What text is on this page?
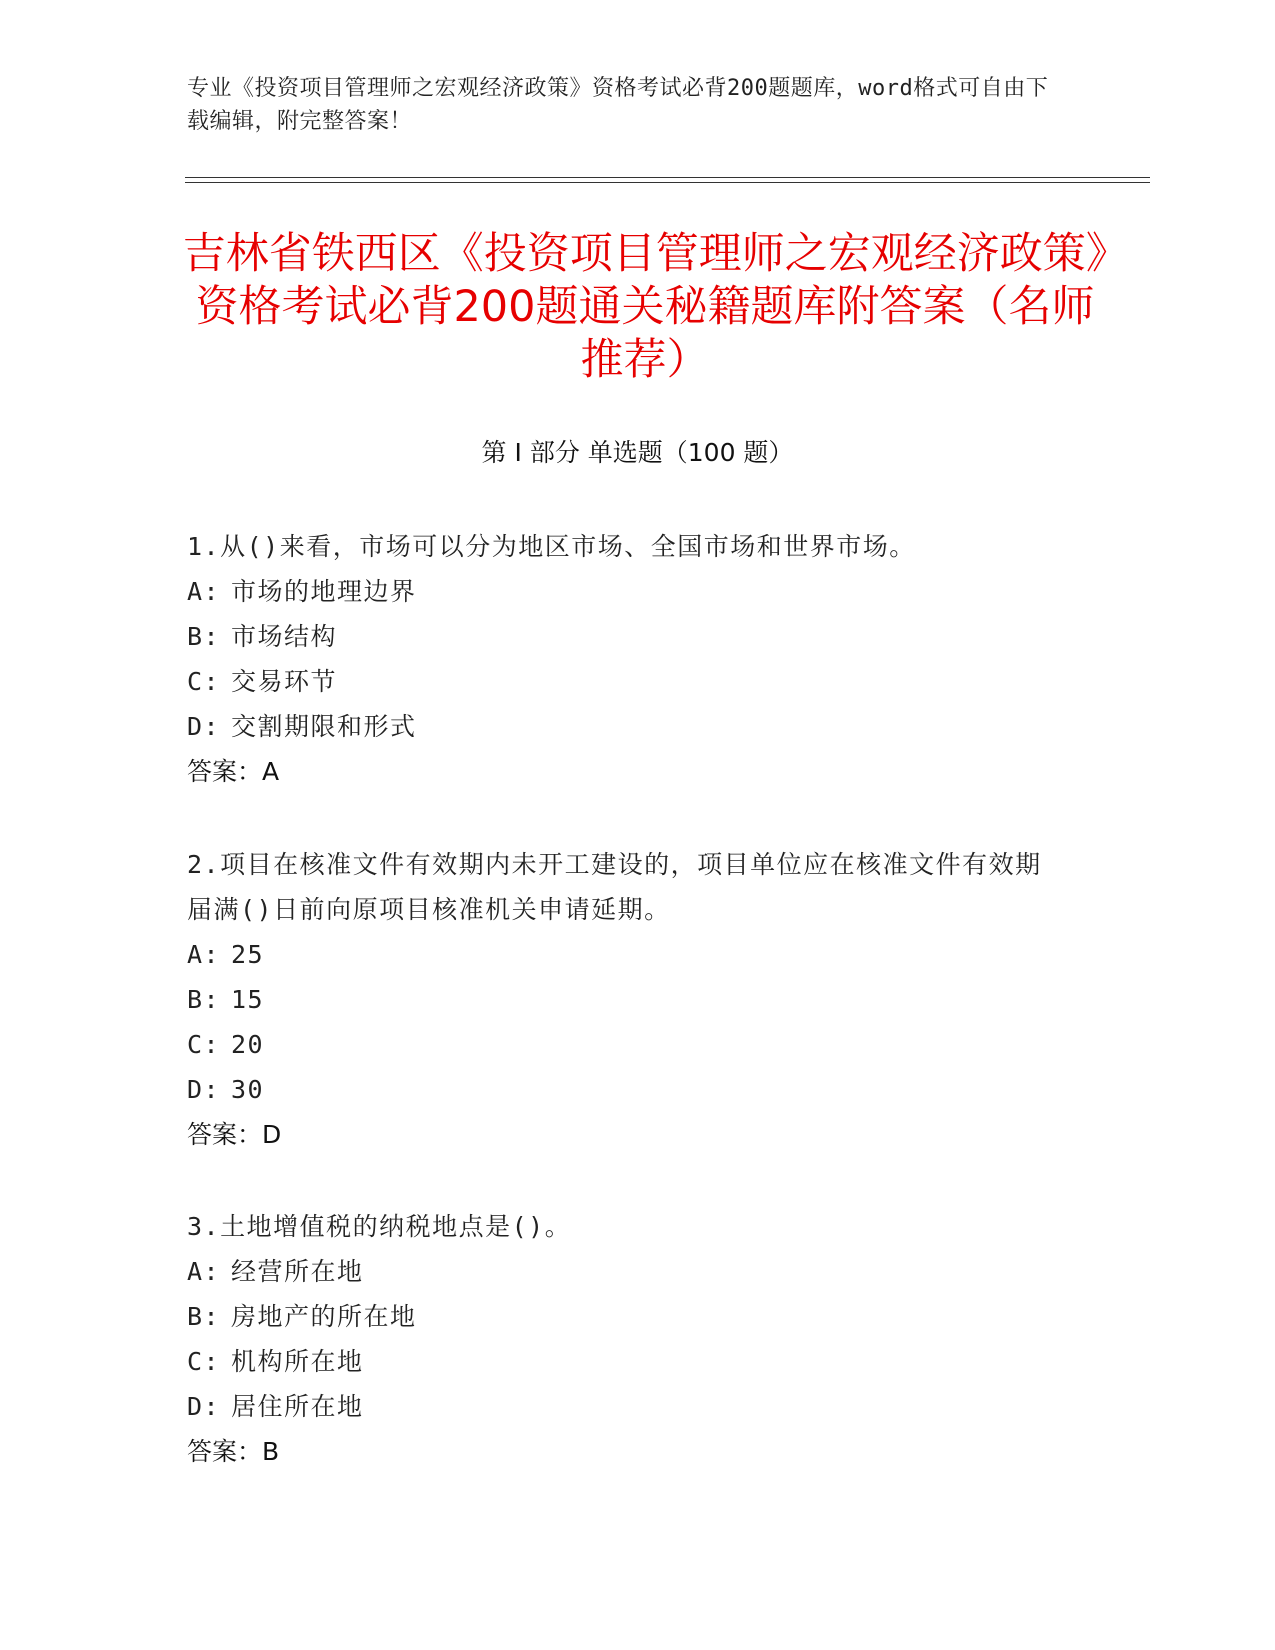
专业《投资项目管理师之宏观经济政策》资格考试必背200题题库，word格式可自由下载编辑，附完整答案！
吉林省铁西区《投资项目管理师之宏观经济政策》资格考试必背200题通关秘籍题库附答案（名师推荐）
第 I 部分 单选题（100 题）
1.从()来看，市场可以分为地区市场、全国市场和世界市场。
A: 市场的地理边界
B: 市场结构
C: 交易环节
D: 交割期限和形式
答案：A
2.项目在核准文件有效期内未开工建设的，项目单位应在核准文件有效期届满()日前向原项目核准机关申请延期。
A: 25
B: 15
C: 20
D: 30
答案：D
3.土地增值税的纳税地点是()。
A: 经营所在地
B: 房地产的所在地
C: 机构所在地
D: 居住所在地
答案：B
